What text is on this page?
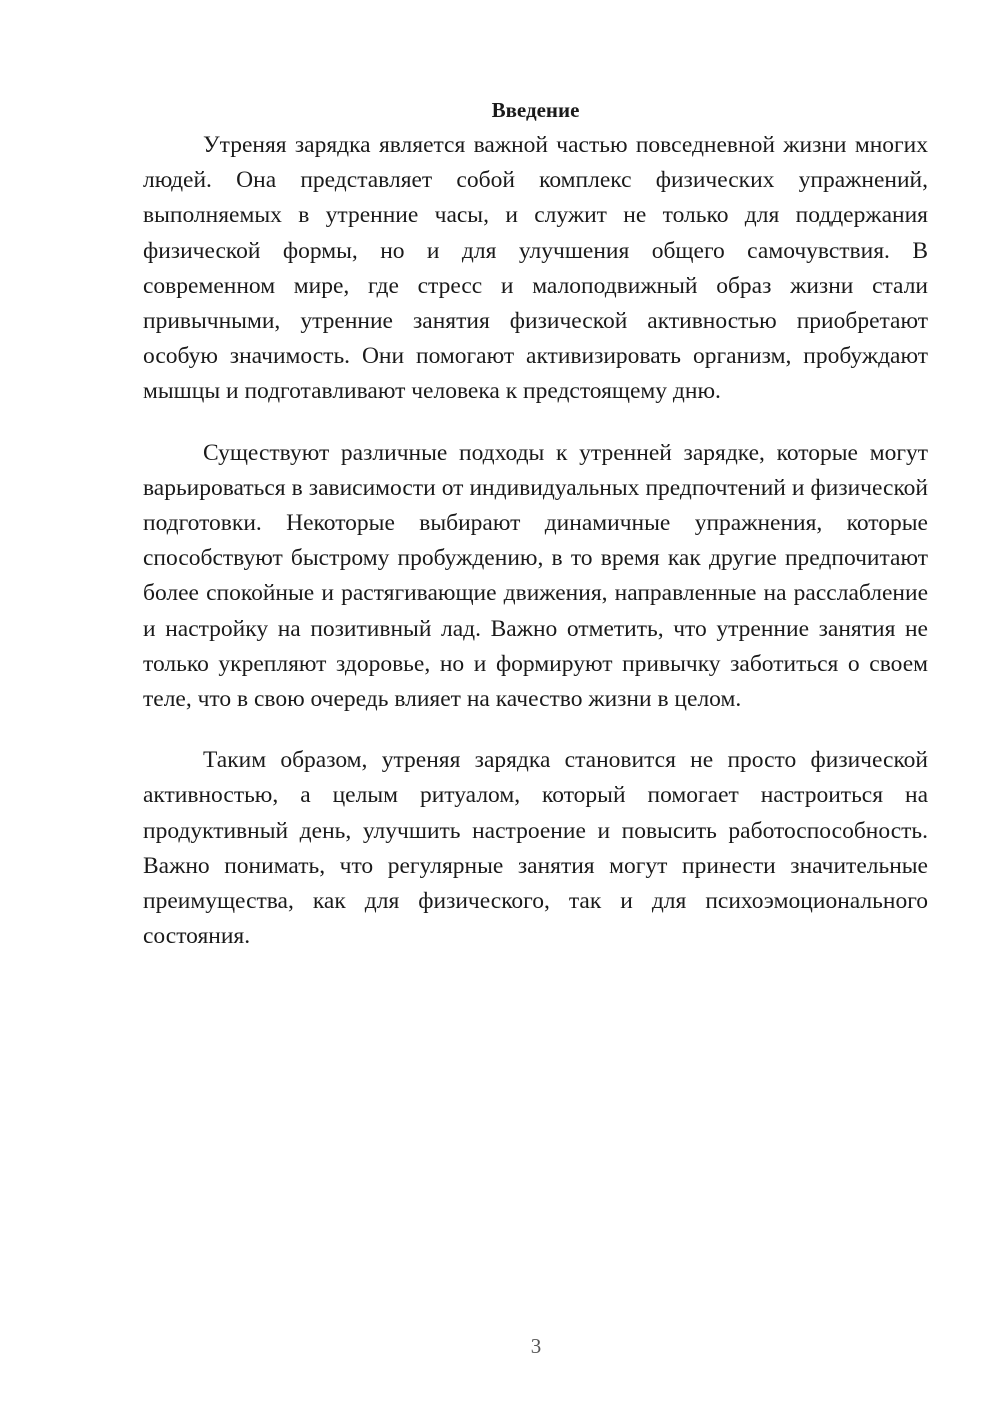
Введение

Утреняя зарядка является важной частью повседневной жизни многих людей. Она представляет собой комплекс физических упражнений, выполняемых в утренние часы, и служит не только для поддержания физической формы, но и для улучшения общего самочувствия. В современном мире, где стресс и малоподвижный образ жизни стали привычными, утренние занятия физической активностью приобретают особую значимость. Они помогают активизировать организм, пробуждают мышцы и подготавливают человека к предстоящему дню.

Существуют различные подходы к утренней зарядке, которые могут варьироваться в зависимости от индивидуальных предпочтений и физической подготовки. Некоторые выбирают динамичные упражнения, которые способствуют быстрому пробуждению, в то время как другие предпочитают более спокойные и растягивающие движения, направленные на расслабление и настройку на позитивный лад. Важно отметить, что утренние занятия не только укрепляют здоровье, но и формируют привычку заботиться о своем теле, что в свою очередь влияет на качество жизни в целом.

Таким образом, утреняя зарядка становится не просто физической активностью, а целым ритуалом, который помогает настроиться на продуктивный день, улучшить настроение и повысить работоспособность. Важно понимать, что регулярные занятия могут принести значительные преимущества, как для физического, так и для психоэмоционального состояния.

3
